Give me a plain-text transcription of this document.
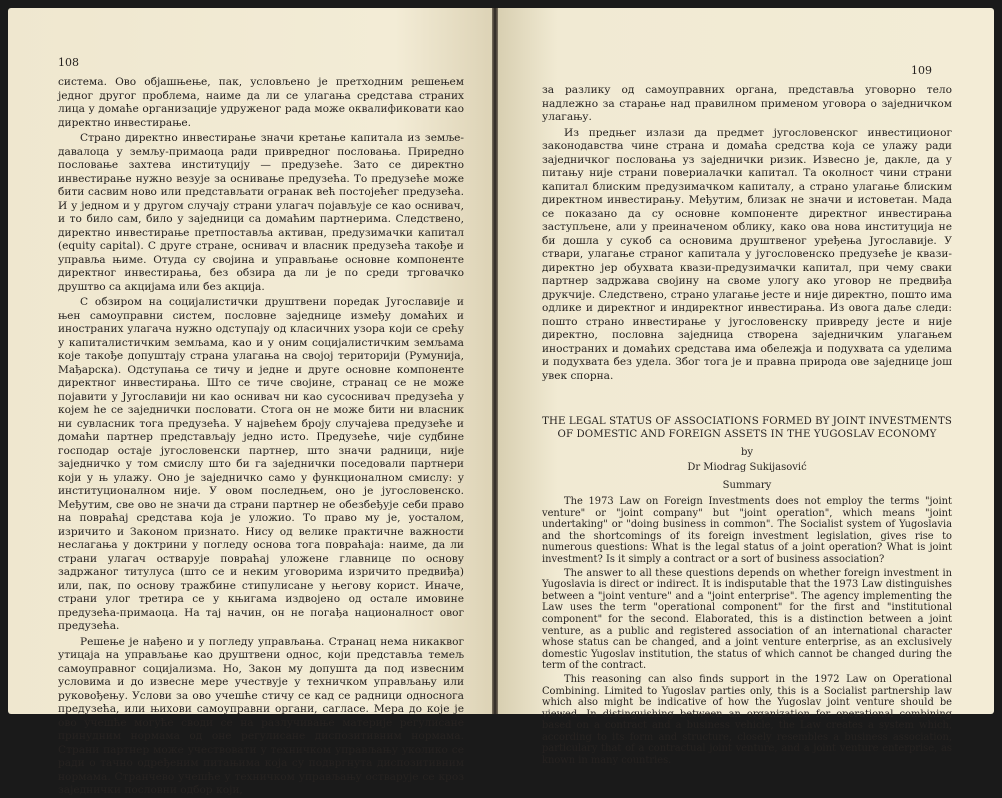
108

система. Ово објашњење, пак, условљено је претходним решењем једног другог проблема, наиме да ли се улагања средстава страних лица у домаће организације удруженог рада може оквалификовати као директно инвестирање.

Страно директно инвестирање значи кретање капитала из земље-давалоца у земљу-примаоца ради привредног пословања. Приредно пословање захтева институцију — предузеће. Зато се директно инвестирање нужно везује за оснивање предузећа. То предузеће може бити сасвим ново или представљати огранак већ постојећег предузећа. И у једном и у другом случају страни улагач појављује се као оснивач, и то било сам, било у заједници са домаћим партнерима. Следствено, директно инвестирање претпоставља активан, предузимачки капитал (equity capital). С друге стране, оснивач и власник предузећа такође и управља њиме. Отуда су својина и управљање основне компоненте директног инвестирања, без обзира да ли је по среди трговачко друштво са акцијама или без акција.

С обзиром на социјалистички друштвени поредак Југославије и њен самоуправни систем, пословне заједнице између домаћих и иностраних улагача нужно одступају од класичних узора који се срећу у капиталистичким земљама, као и у оним социјалистичким земљама које такође допуштају страна улагања на својој територији (Румунија, Мађарска). Одступања се тичу и једне и друге основне компоненте директног инвестирања. Што се тиче својине, странац се не може појавити у Југославији ни као оснивач ни као сусоснивач предузећа у којем he се заједнички пословати. Стога он не може бити ни власник ни сувласник тога предузећа. У највећем броју случајева предузеће и домаћи партнер представљају једно исто. Предузеће, чије судбине господар остаје југословенски партнер, што значи радници, није заједничко у том смислу што би га заједнички поседовали партнери који у њ улажу. Оно је заједничко само у функционалном смислу: у институционалном није. У овом последњем, оно је југословенско. Међутим, све ово не значи да страни партнер не обезбеђује себи право на повраћај средстава која је уложио. То право му је, уосталом, изричито и Законом признато. Нису од велике практичне важности неслагања у доктрини у погледу основа тога повраћаја: наиме, да ли страни улагач остварује повраћај уложене главнице по основу задржаног титулуса (што се и неким уговорима изричито предвиђа) или, пак, по основу тражбине стипулисане у његову корист. Иначе, страни улог третира се у књигама издвојено од остале имовине предузећа-примаоца. На тај начин, он не погађа националност овог предузећа.

Решење је нађено и у погледу управљања. Странац нема никаквог утицаја на управљање као друштвени однос, који представља темељ самоуправног социјализма. Но, Закон му допушта да под извесним условима и до извесне мере учествује у техничком управљању или руковођењу. Услови за ово учешће стичу се кад се радници односнога предузећа, или њихови самоуправни органи, сагласе. Мера до које је ово учешће могуће своди се на разлучивање материје регулисане принудним нормама од оне регулисане диспозитивним нормама. Страни партнер може учествовати у техничком управљању уколико се ради о тачно одређеним питањима која су подвргнута диспозитивним нормама. Странчево учешће у техничком управљању остварује се кроз заједнички пословни одбор који,

109

за разлику од самоуправних органа, представља уговорно тело надлежно за старање над правилном применом уговора о заједничком улагању.

Из предњег излази да предмет југословенског инвестиционог законодавства чине страна и домаћа средства која се улажу ради заједничког пословања уз заједнички ризик. Извесно је, дакле, да у питању није страни повериалачки капитал. Та околност чини страни капитал блиским предузимачком капиталу, а страно улагање блиским директном инвестирању. Међутим, близак не значи и истоветан. Мада се показано да су основне компоненте директног инвестирања заступљене, али у преиначеном облику, како ова нова институција не би дошла у сукоб са основима друштвеног уређења Југославије. У ствари, улагање страног капитала у југословенско предузеће је квази-директно јер обухвата квази-предузимачки капитал, при чему сваки партнер задржава својину на своме улогу ако уговор не предвиђа друкчије. Следствено, страно улагање јесте и није директно, пошто има одлике и директног и индиректног инвестирања. Из овога даље следи: пошто страно инвестирање у југословенску привреду јесте и није директно, пословна заједница створена заједничким улагањем иностраних и домаћих средстава има обележја и подухвата са уделима и подухвата без удела. Због тога је и правна природа ове заједнице још увек спорна.

THE LEGAL STATUS OF ASSOCIATIONS FORMED BY JOINT INVESTMENTS OF DOMESTIC AND FOREIGN ASSETS IN THE YUGOSLAV ECONOMY
by
Dr Miodrag Sukijasović
Summary

The 1973 Law on Foreign Investments does not employ the terms "joint venture" or "joint company" but "joint operation", which means "joint undertaking" or "doing business in common". The Socialist system of Yugoslavia and the shortcomings of its foreign investment legislation, gives rise to numerous questions: What is the legal status of a joint operation? What is joint investment? Is it simply a contract or a sort of business association?

The answer to all these questions depends on whether foreign investment in Yugoslavia is direct or indirect. It is indisputable that the 1973 Law distinguishes between a "joint venture" and a "joint enterprise". The agency implementing the Law uses the term "operational component" for the first and "institutional component" for the second. Elaborated, this is a distinction between a joint venture, as a public and registered association of an international character whose status can be changed, and a joint venture enterprise, as an exclusively domestic Yugoslav institution, the status of which cannot be changed during the term of the contract.

This reasoning can also finds support in the 1972 Law on Operational Combining. Limited to Yugoslav parties only, this is a Socialist partnership law which also might be indicative of how the Yugoslav joint venture should be viewed. In distinguishing between an organization for operational combining based on a contract and a business vehicle, the Law creates a system which, according to its form and structure, closely resembles a business association, particulary that of a contractual joint venture, and a joint venture enterprise, as known in many countries.
